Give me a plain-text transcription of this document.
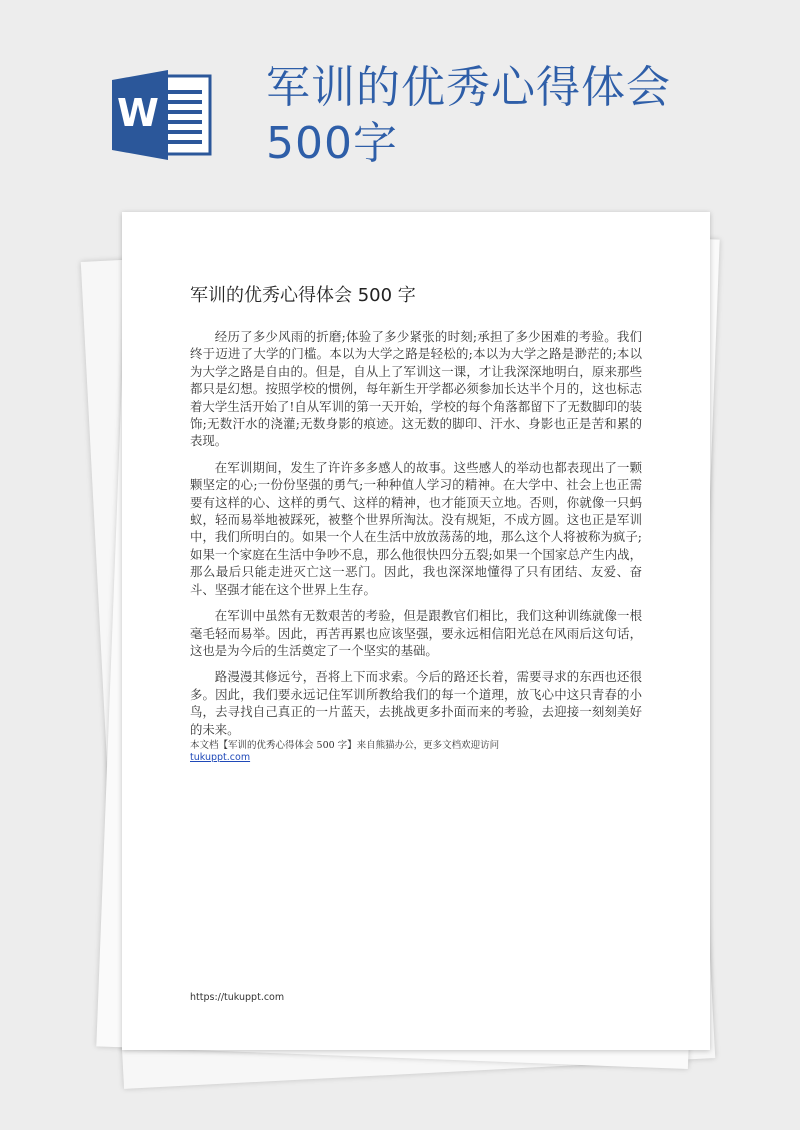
W 军训的优秀心得体会500字
军训的优秀心得体会 500 字

经历了多少风雨的折磨;体验了多少紧张的时刻;承担了多少困难的考验。我们终于迈进了大学的门槛。本以为大学之路是轻松的;本以为大学之路是渺茫的;本以为大学之路是自由的。但是，自从上了军训这一课，才让我深深地明白，原来那些都只是幻想。按照学校的惯例，每年新生开学都必须参加长达半个月的，这也标志着大学生活开始了!自从军训的第一天开始，学校的每个角落都留下了无数脚印的装饰;无数汗水的浇灌;无数身影的痕迹。这无数的脚印、汗水、身影也正是苦和累的表现。

在军训期间，发生了许许多多感人的故事。这些感人的举动也都表现出了一颗颗坚定的心;一份份坚强的勇气;一种种值人学习的精神。在大学中、社会上也正需要有这样的心、这样的勇气、这样的精神，也才能顶天立地。否则，你就像一只蚂蚁，轻而易举地被踩死，被整个世界所淘汰。没有规矩，不成方圆。这也正是军训中，我们所明白的。如果一个人在生活中放放荡荡的地，那么这个人将被称为疯子;如果一个家庭在生活中争吵不息，那么他很快四分五裂;如果一个国家总产生内战，那么最后只能走进灭亡这一恶门。因此，我也深深地懂得了只有团结、友爱、奋斗、坚强才能在这个世界上生存。

在军训中虽然有无数艰苦的考验，但是跟教官们相比，我们这种训练就像一根毫毛轻而易举。因此，再苦再累也应该坚强，要永远相信阳光总在风雨后这句话，这也是为今后的生活奠定了一个坚实的基础。

路漫漫其修远兮，吾将上下而求索。今后的路还长着，需要寻求的东西也还很多。因此，我们要永远记住军训所教给我们的每一个道理，放飞心中这只青春的小鸟，去寻找自己真正的一片蓝天，去挑战更多扑面而来的考验，去迎接一刻刻美好的未来。

本文档【军训的优秀心得体会 500 字】来自熊猫办公，更多文档欢迎访问
tukuppt.com
https://tukuppt.com
